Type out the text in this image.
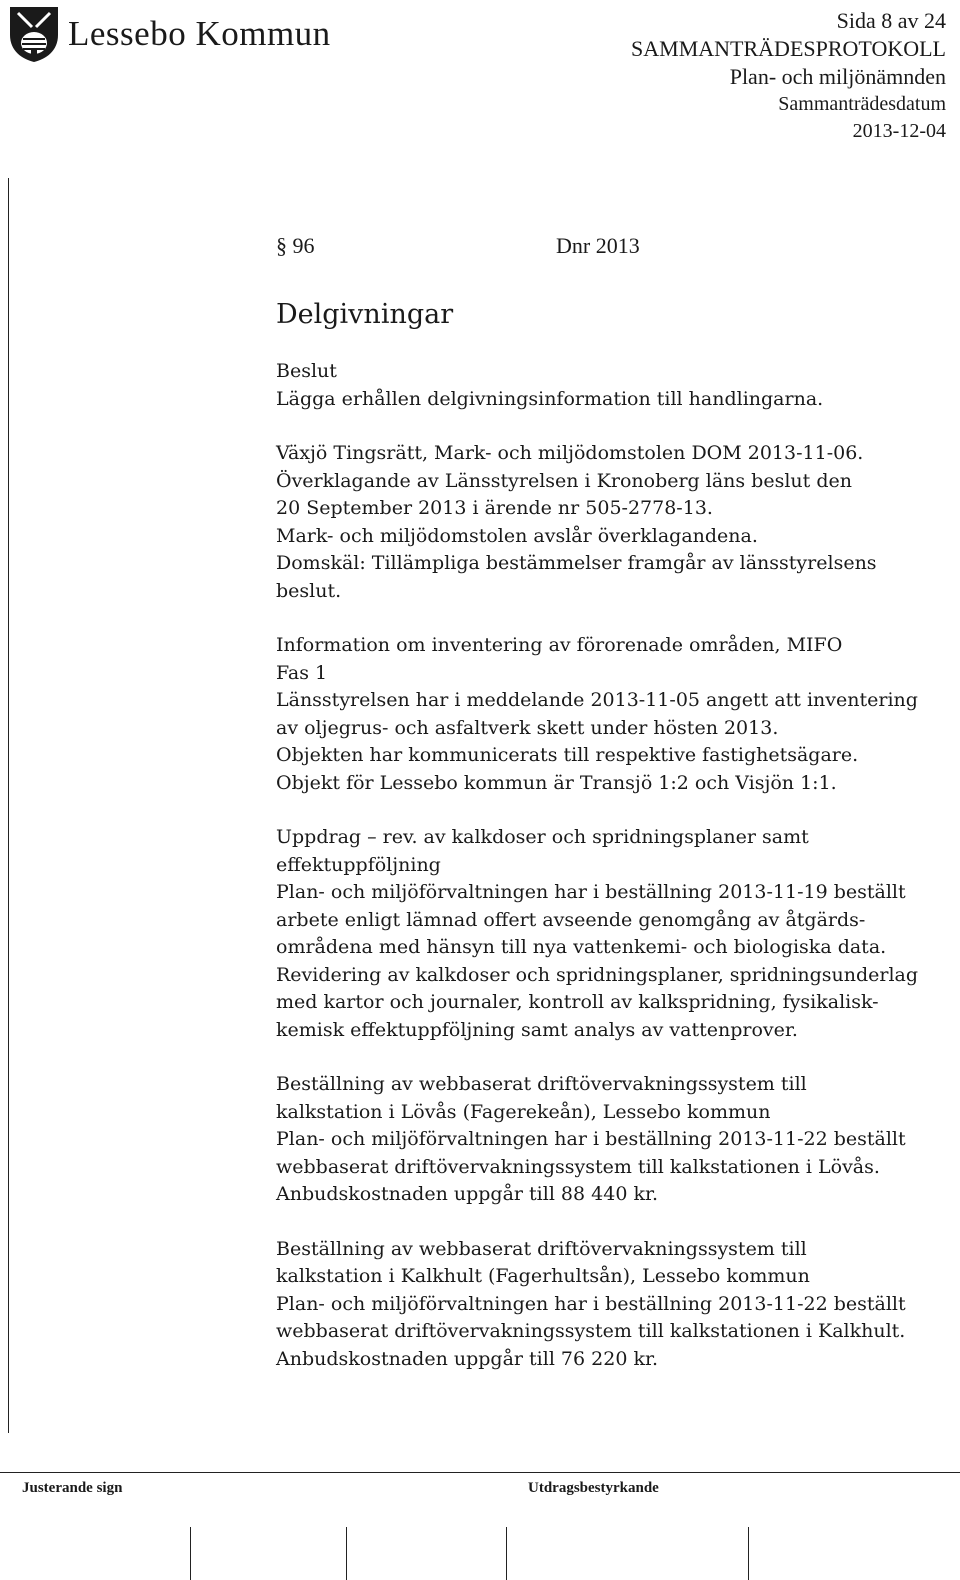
Lessebo Kommun	Sida 8 av 24
SAMMANTRÄDESPROTOKOLL
Plan- och miljönämnden
Sammanträdesdatum
2013-12-04
§ 96	Dnr 2013
Delgivningar
Beslut
Lägga erhållen delgivningsinformation till handlingarna.
Växjö Tingsrätt, Mark- och miljödomstolen DOM 2013-11-06.
Överklagande av Länsstyrelsen i Kronoberg läns beslut den
20 September 2013 i ärende nr 505-2778-13.
Mark- och miljödomstolen avslår överklagandena.
Domskäl: Tillämpliga bestämmelser framgår av länsstyrelsens
beslut.
Information om inventering av förorenade områden, MIFO
Fas 1
Länsstyrelsen har i meddelande 2013-11-05 angett att inventering
av oljegrus- och asfaltverk skett under hösten 2013.
Objekten har kommunicerats till respektive fastighetsägare.
Objekt för Lessebo kommun är Transjö 1:2 och Visjön 1:1.
Uppdrag – rev. av kalkdoser och spridningsplaner samt
effektuppföljning
Plan- och miljöförvaltningen har i beställning 2013-11-19 beställt
arbete enligt lämnad offert avseende genomgång av åtgärds-
områdena med hänsyn till nya vattenkemi- och biologiska data.
Revidering av kalkdoser och spridningsplaner, spridningsunderlag
med kartor och journaler, kontroll av kalkspridning, fysikalisk-
kemisk effektuppföljning samt analys av vattenprover.
Beställning av webbaserat driftövervakningssystem till
kalkstation i Lövås (Fagerekeån), Lessebo kommun
Plan- och miljöförvaltningen har i beställning 2013-11-22 beställt
webbaserat driftövervakningssystem till kalkstationen i Lövås.
Anbudskostnaden uppgår till 88 440 kr.
Beställning av webbaserat driftövervakningssystem till
kalkstation i Kalkhult (Fagerhultsån), Lessebo kommun
Plan- och miljöförvaltningen har i beställning 2013-11-22 beställt
webbaserat driftövervakningssystem till kalkstationen i Kalkhult.
Anbudskostnaden uppgår till 76 220 kr.
Justerande sign	Utdragsbestyrkande
